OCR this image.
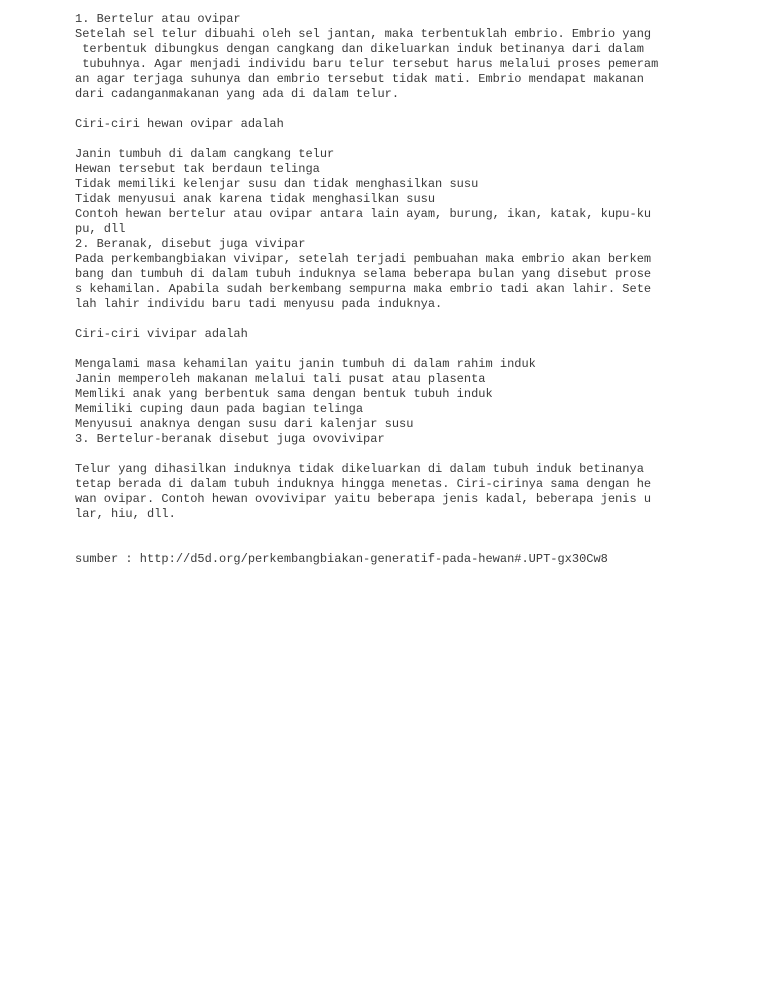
1. Bertelur atau ovipar
Setelah sel telur dibuahi oleh sel jantan, maka terbentuklah embrio. Embrio yang
terbentuk dibungkus dengan cangkang dan dikeluarkan induk betinanya dari dalam
tubuhnya. Agar menjadi individu baru telur tersebut harus melalui proses pemeram
an agar terjaga suhunya dan embrio tersebut tidak mati. Embrio mendapat makanan
dari cadanganmakanan yang ada di dalam telur.
Ciri-ciri hewan ovipar adalah
Janin tumbuh di dalam cangkang telur
Hewan tersebut tak berdaun telinga
Tidak memiliki kelenjar susu dan tidak menghasilkan susu
Tidak menyusui anak karena tidak menghasilkan susu
Contoh hewan bertelur atau ovipar antara lain ayam, burung, ikan, katak, kupu-ku
pu, dll
2. Beranak, disebut juga vivipar
Pada perkembangbiakan vivipar, setelah terjadi pembuahan maka embrio akan berkem
bang dan tumbuh di dalam tubuh induknya selama beberapa bulan yang disebut prose
s kehamilan. Apabila sudah berkembang sempurna maka embrio tadi akan lahir. Sete
lah lahir individu baru tadi menyusu pada induknya.
Ciri-ciri vivipar adalah
Mengalami masa kehamilan yaitu janin tumbuh di dalam rahim induk
Janin memperoleh makanan melalui tali pusat atau plasenta
Memliki anak yang berbentuk sama dengan bentuk tubuh induk
Memiliki cuping daun pada bagian telinga
Menyusui anaknya dengan susu dari kalenjar susu
3. Bertelur-beranak disebut juga ovovivipar
Telur yang dihasilkan induknya tidak dikeluarkan di dalam tubuh induk betinanya
tetap berada di dalam tubuh induknya hingga menetas. Ciri-cirinya sama dengan he
wan ovipar. Contoh hewan ovovivipar yaitu beberapa jenis kadal, beberapa jenis u
lar, hiu, dll.
sumber : http://d5d.org/perkembangbiakan-generatif-pada-hewan#.UPT-gx30Cw8
